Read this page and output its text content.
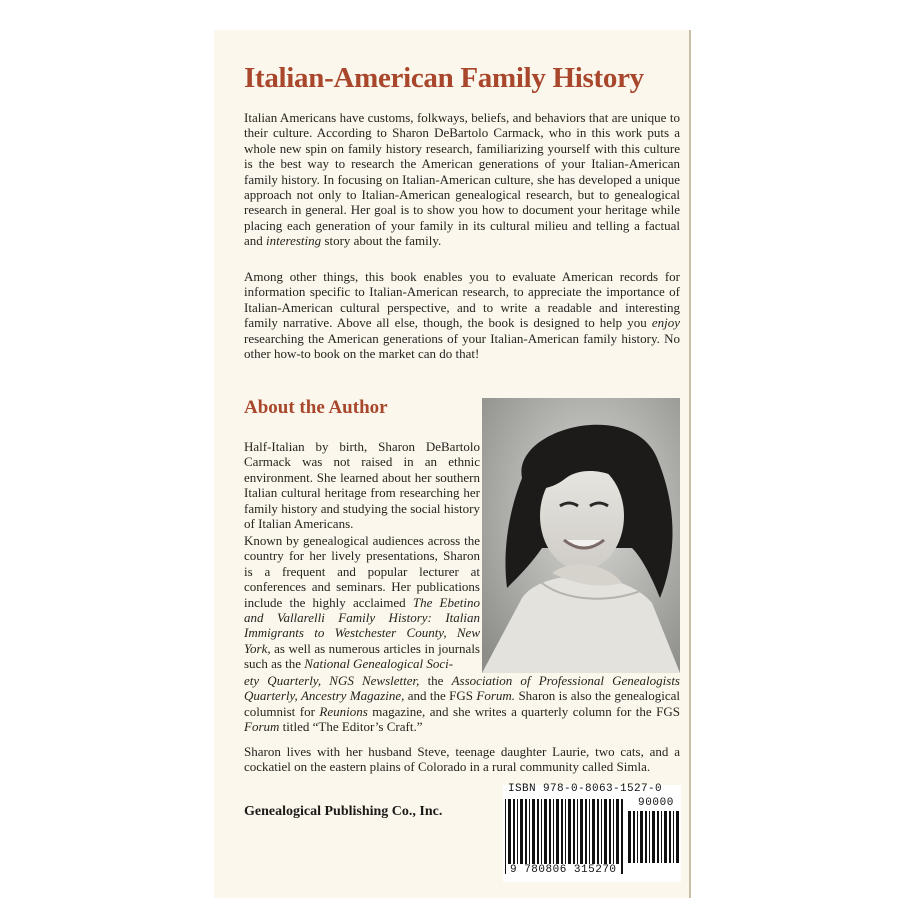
Italian-American Family History

Italian Americans have customs, folkways, beliefs, and behaviors that are unique to their culture. According to Sharon DeBartolo Carmack, who in this work puts a whole new spin on family history research, familiarizing yourself with this culture is the best way to research the American generations of your Italian-American family history. In focusing on Italian-American culture, she has developed a unique approach not only to Italian-American genealogical research, but to genealogical research in general. Her goal is to show you how to document your heritage while placing each generation of your family in its cultural milieu and telling a factual and interesting story about the family.

Among other things, this book enables you to evaluate American records for information specific to Italian-American research, to appreciate the importance of Italian-American cultural perspective, and to write a readable and interesting family narrative. Above all else, though, the book is designed to help you enjoy researching the American generations of your Italian-American family history. No other how-to book on the market can do that!

About the Author

Half-Italian by birth, Sharon DeBartolo Carmack was not raised in an ethnic environment. She learned about her southern Italian cultural heritage from researching her family history and studying the social history of Italian Americans.

Known by genealogical audiences across the country for her lively presentations, Sharon is a frequent and popular lecturer at conferences and seminars. Her publications include the highly acclaimed The Ebetino and Vallarelli Family History: Italian Immigrants to Westchester County, New York, as well as numerous articles in journals such as the National Genealogical Soci-

ety Quarterly, NGS Newsletter, the Association of Professional Genealogists Quarterly, Ancestry Magazine, and the FGS Forum. Sharon is also the genealogical columnist for Reunions magazine, and she writes a quarterly column for the FGS Forum titled “The Editor’s Craft.”

Sharon lives with her husband Steve, teenage daughter Laurie, two cats, and a cockatiel on the eastern plains of Colorado in a rural community called Simla.

Genealogical Publishing Co., Inc.

ISBN 978-0-8063-1527-0
90000
9 780806 315270
